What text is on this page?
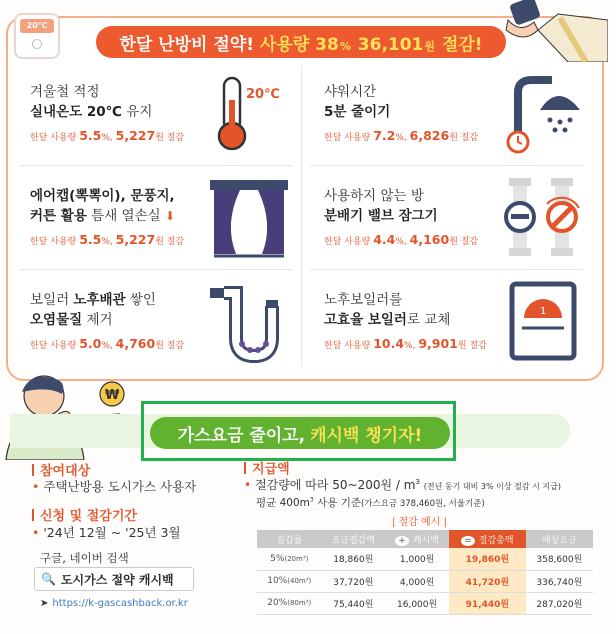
20℃
한달 난방비 절약! 사용량 38% 36,101원 절감!
겨울철 적정
실내온도 20℃ 유지
한달 사용량 5.5%, 5,227원 절감
20℃	샤워시간
5분 줄이기
한달 사용량 7.2%, 6,826원 절감
에어캡(뽁뽁이), 문풍지,
커튼 활용 틈새 열손실 ⬇
한달 사용량 5.5%, 5,227원 절감
사용하지 않는 방
분배기 밸브 잠그기
한달 사용량 4.4%, 4,160원 절감
보일러 노후배관 쌓인
오염물질 제거
한달 사용량 5.0%, 4,760원 절감
노후보일러를
고효율 보일러로 교체
한달 사용량 10.4%, 9,901원 절감
1
₩
가스요금 줄이고, 캐시백 챙기자!
참여대상
• 주택난방용 도시가스 사용자
신청 및 절감기간
• '24년 12월 ~ '25년 3월
구글, 네이버 검색
🔍 도시가스 절약 캐시백
➤ https://k-gascashback.or.kr
지급액
• 절감량에 따라 50~200원 / $m^3$ (전년 동기 대비 3% 이상 절감 시 지급)
평균 $400m^3$ 사용 기준(가스요금 378,460원, 서울기준)
| 절감 예시 |
절감률	요금절감액	+ 캐시백	= 절감총액	예상요금
5%(20m³)	18,860원	1,000원	19,860원	358,600원
10%(40m³)	37,720원	4,000원	41,720원	336,740원
20%(80m³)	75,440원	16,000원	91,440원	287,020원
